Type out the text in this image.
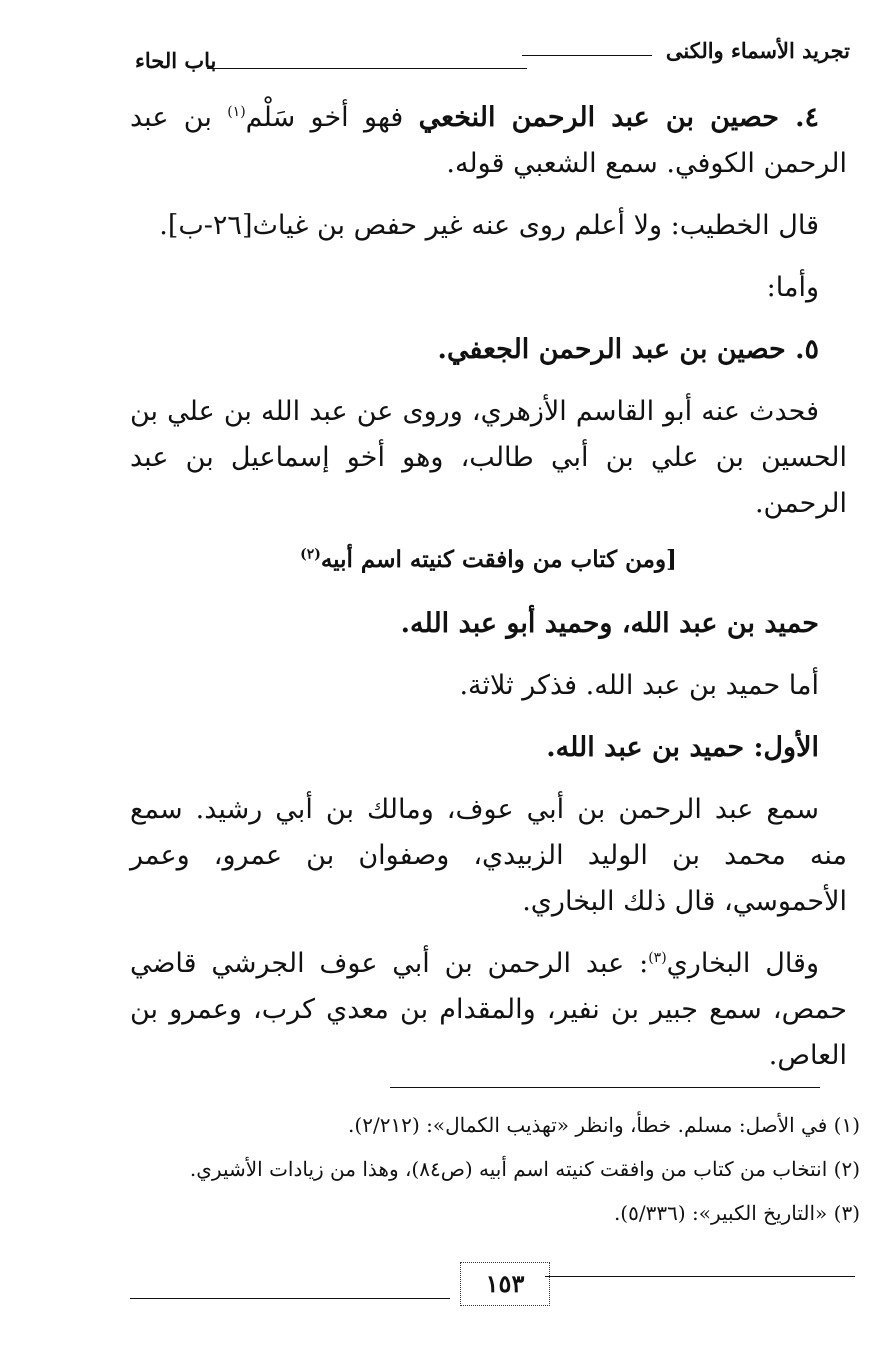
تجريد الأسماء والكنى
باب الحاء

٤. حصين بن عبد الرحمن النخعي فهو أخو سَلْم$^{(١)}$ بن عبد الرحمن الكوفي. سمع الشعبي قوله.

قال الخطيب: ولا أعلم روى عنه غير حفص بن غياث[٢٦-ب].

وأما:

٥. حصين بن عبد الرحمن الجعفي.

فحدث عنه أبو القاسم الأزهري، وروى عن عبد الله بن علي بن الحسين بن علي بن أبي طالب، وهو أخو إسماعيل بن عبد الرحمن.

[ومن كتاب من وافقت كنيته اسم أبيه$^{(٢)}$

حميد بن عبد الله، وحميد أبو عبد الله.

أما حميد بن عبد الله. فذكر ثلاثة.

الأول: حميد بن عبد الله.

سمع عبد الرحمن بن أبي عوف، ومالك بن أبي رشيد. سمع منه محمد بن الوليد الزبيدي، وصفوان بن عمرو، وعمر الأحموسي، قال ذلك البخاري.

وقال البخاري$^{(٣)}$: عبد الرحمن بن أبي عوف الجرشي قاضي حمص، سمع جبير بن نفير، والمقدام بن معدي كرب، وعمرو بن العاص.

(١) في الأصل: مسلم. خطأ، وانظر «تهذيب الكمال»: (٢/٢١٢).
(٢) انتخاب من كتاب من وافقت كنيته اسم أبيه (ص٨٤)، وهذا من زيادات الأشيري.
(٣) «التاريخ الكبير»: (٥/٣٣٦).
١٥٣
